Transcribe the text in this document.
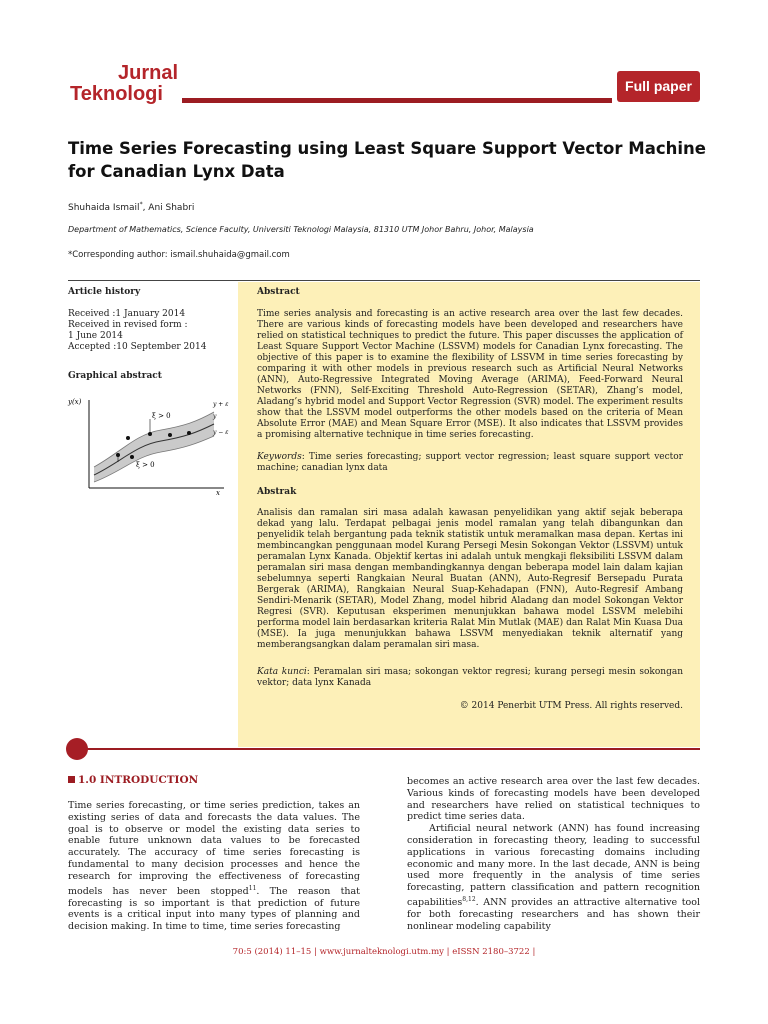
Jurnal
Teknologi	Full paper
Time Series Forecasting using Least Square Support Vector Machine for Canadian Lynx Data
Shuhaida Ismail*, Ani Shabri
Department of Mathematics, Science Faculty, Universiti Teknologi Malaysia, 81310 UTM Johor Bahru, Johor, Malaysia
*Corresponding author: ismail.shuhaida@gmail.com
Article history
Received :1 January 2014
Received in revised form :
1 June 2014
Accepted :10 September 2014
Graphical abstract
y(x)
x
y + ε
y
y − ε
ξ > 0
ξ > 0
Abstract

Time series analysis and forecasting is an active research area over the last few decades. There are various kinds of forecasting models have been developed and researchers have relied on statistical techniques to predict the future. This paper discusses the application of Least Square Support Vector Machine (LSSVM) models for Canadian Lynx forecasting. The objective of this paper is to examine the flexibility of LSSVM in time series forecasting by comparing it with other models in previous research such as Artificial Neural Networks (ANN), Auto-Regressive Integrated Moving Average (ARIMA), Feed-Forward Neural Networks (FNN), Self-Exciting Threshold Auto-Regression (SETAR), Zhang’s model, Aladang’s hybrid model and Support Vector Regression (SVR) model. The experiment results show that the LSSVM model outperforms the other models based on the criteria of Mean Absolute Error (MAE) and Mean Square Error (MSE). It also indicates that LSSVM provides a promising alternative technique in time series forecasting.

Keywords: Time series forecasting; support vector regression; least square support vector machine; canadian lynx data

Abstrak

Analisis dan ramalan siri masa adalah kawasan penyelidikan yang aktif sejak beberapa dekad yang lalu. Terdapat pelbagai jenis model ramalan yang telah dibangunkan dan penyelidik telah bergantung pada teknik statistik untuk meramalkan masa depan. Kertas ini membincangkan penggunaan model Kurang Persegi Mesin Sokongan Vektor (LSSVM) untuk peramalan Lynx Kanada. Objektif kertas ini adalah untuk mengkaji fleksibiliti LSSVM dalam peramalan siri masa dengan membandingkannya dengan beberapa model lain dalam kajian sebelumnya seperti Rangkaian Neural Buatan (ANN), Auto-Regresif Bersepadu Purata Bergerak (ARIMA), Rangkaian Neural Suap-Kehadapan (FNN), Auto-Regresif Ambang Sendiri-Menarik (SETAR), Model Zhang, model hibrid Aladang dan model Sokongan Vektor Regresi (SVR). Keputusan eksperimen menunjukkan bahawa model LSSVM melebihi performa model lain berdasarkan kriteria Ralat Min Mutlak (MAE) dan Ralat Min Kuasa Dua (MSE). Ia juga menunjukkan bahawa LSSVM menyediakan teknik alternatif yang memberangsangkan dalam peramalan siri masa.

Kata kunci: Peramalan siri masa; sokongan vektor regresi; kurang persegi mesin sokongan vektor; data lynx Kanada

© 2014 Penerbit UTM Press. All rights reserved.
1.0 INTRODUCTION

Time series forecasting, or time series prediction, takes an existing series of data and forecasts the data values. The goal is to observe or model the existing data series to enable future unknown data values to be forecasted accurately. The accuracy of time series forecasting is fundamental to many decision processes and hence the research for improving the effectiveness of forecasting models has never been stopped$^{11}$. The reason that forecasting is so important is that prediction of future events is a critical input into many types of planning and decision making. In time to time, time series forecasting

becomes an active research area over the last few decades. Various kinds of forecasting models have been developed and researchers have relied on statistical techniques to predict time series data.
Artificial neural network (ANN) has found increasing consideration in forecasting theory, leading to successful applications in various forecasting domains including economic and many more. In the last decade, ANN is being used more frequently in the analysis of time series forecasting, pattern classification and pattern recognition capabilities$^{8,12}$. ANN provides an attractive alternative tool for both forecasting researchers and has shown their nonlinear modeling capability

70:5 (2014) 11–15 | www.jurnalteknologi.utm.my | eISSN 2180–3722 |
